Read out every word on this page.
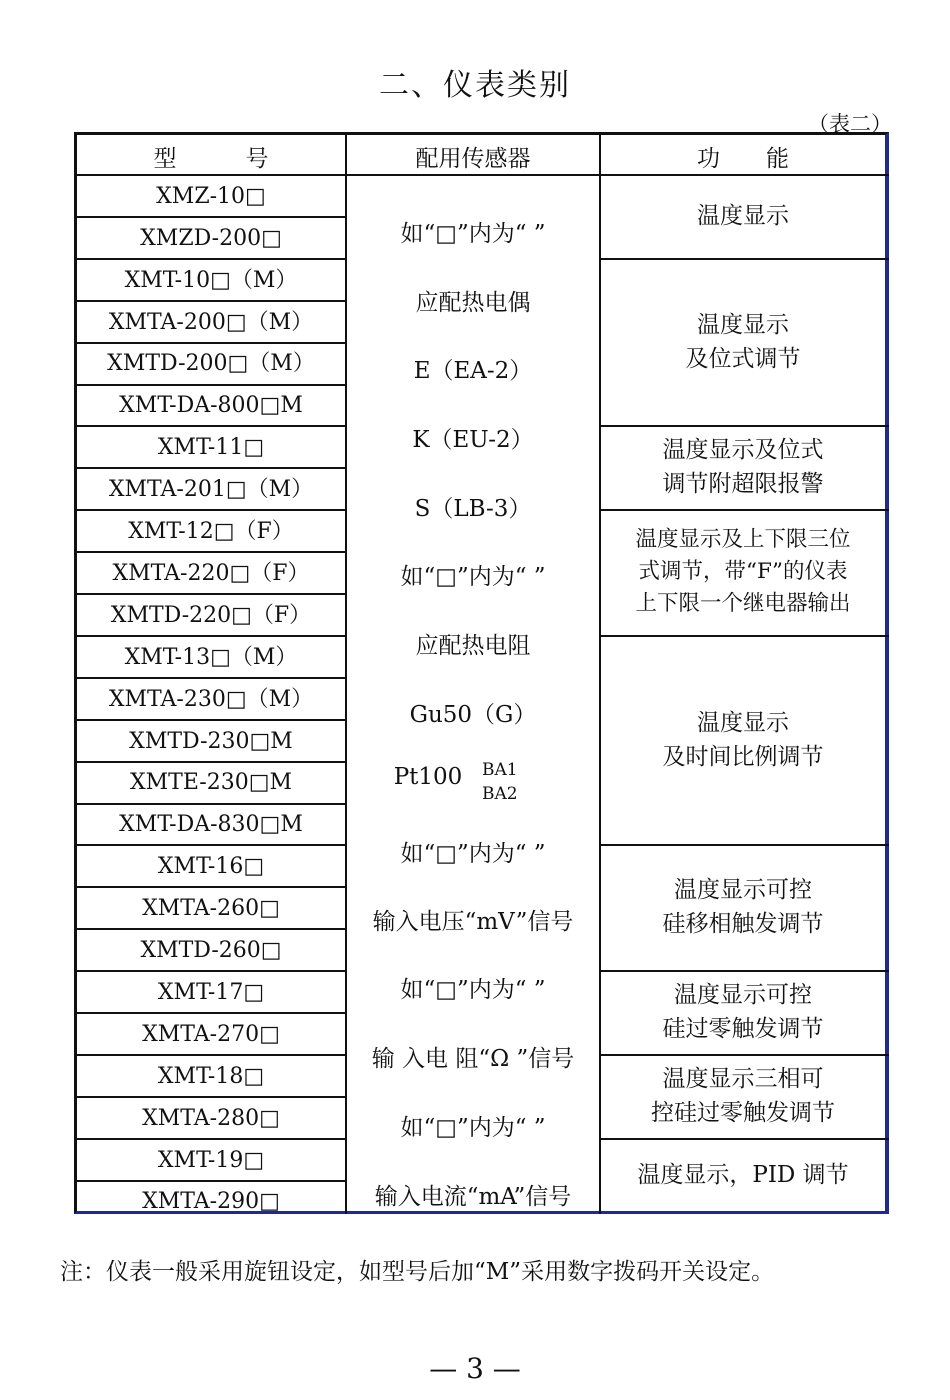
二、仪表类别
（表二）
型　　　号	配用传感器	功　　能
XMZ-10□
XMZD-200□
XMT-10□（M）
XMTA-200□（M）
XMTD-200□（M）
XMT-DA-800□M
XMT-11□
XMTA-201□（M）
XMT-12□（F）
XMTA-220□（F）
XMTD-220□（F）
XMT-13□（M）
XMTA-230□（M）
XMTD-230□M
XMTE-230□M
XMT-DA-830□M
XMT-16□
XMTA-260□
XMTD-260□
XMT-17□
XMTA-270□
XMT-18□
XMTA-280□
XMT-19□
XMTA-290□
如“□”内为“ ”
应配热电偶
E（EA-2）
K（EU-2）
S（LB-3）
如“□”内为“ ”
应配热电阻
Gu50（G）
Pt100
如“□”内为“ ”
输入电压“mV”信号
如“□”内为“ ”
输 入电 阻“Ω ”信号
如“□”内为“ ”
输入电流“mA”信号
BA1
BA2
温度显示
温度显示
及位式调节
温度显示及位式
调节附超限报警
温度显示及上下限三位
式调节，带“F”的仪表
上下限一个继电器输出
温度显示
及时间比例调节
温度显示可控
硅移相触发调节
温度显示可控
硅过零触发调节
温度显示三相可
控硅过零触发调节
温度显示，PID 调节
注：仪表一般采用旋钮设定，如型号后加“M”采用数字拨码开关设定。
— 3 —
